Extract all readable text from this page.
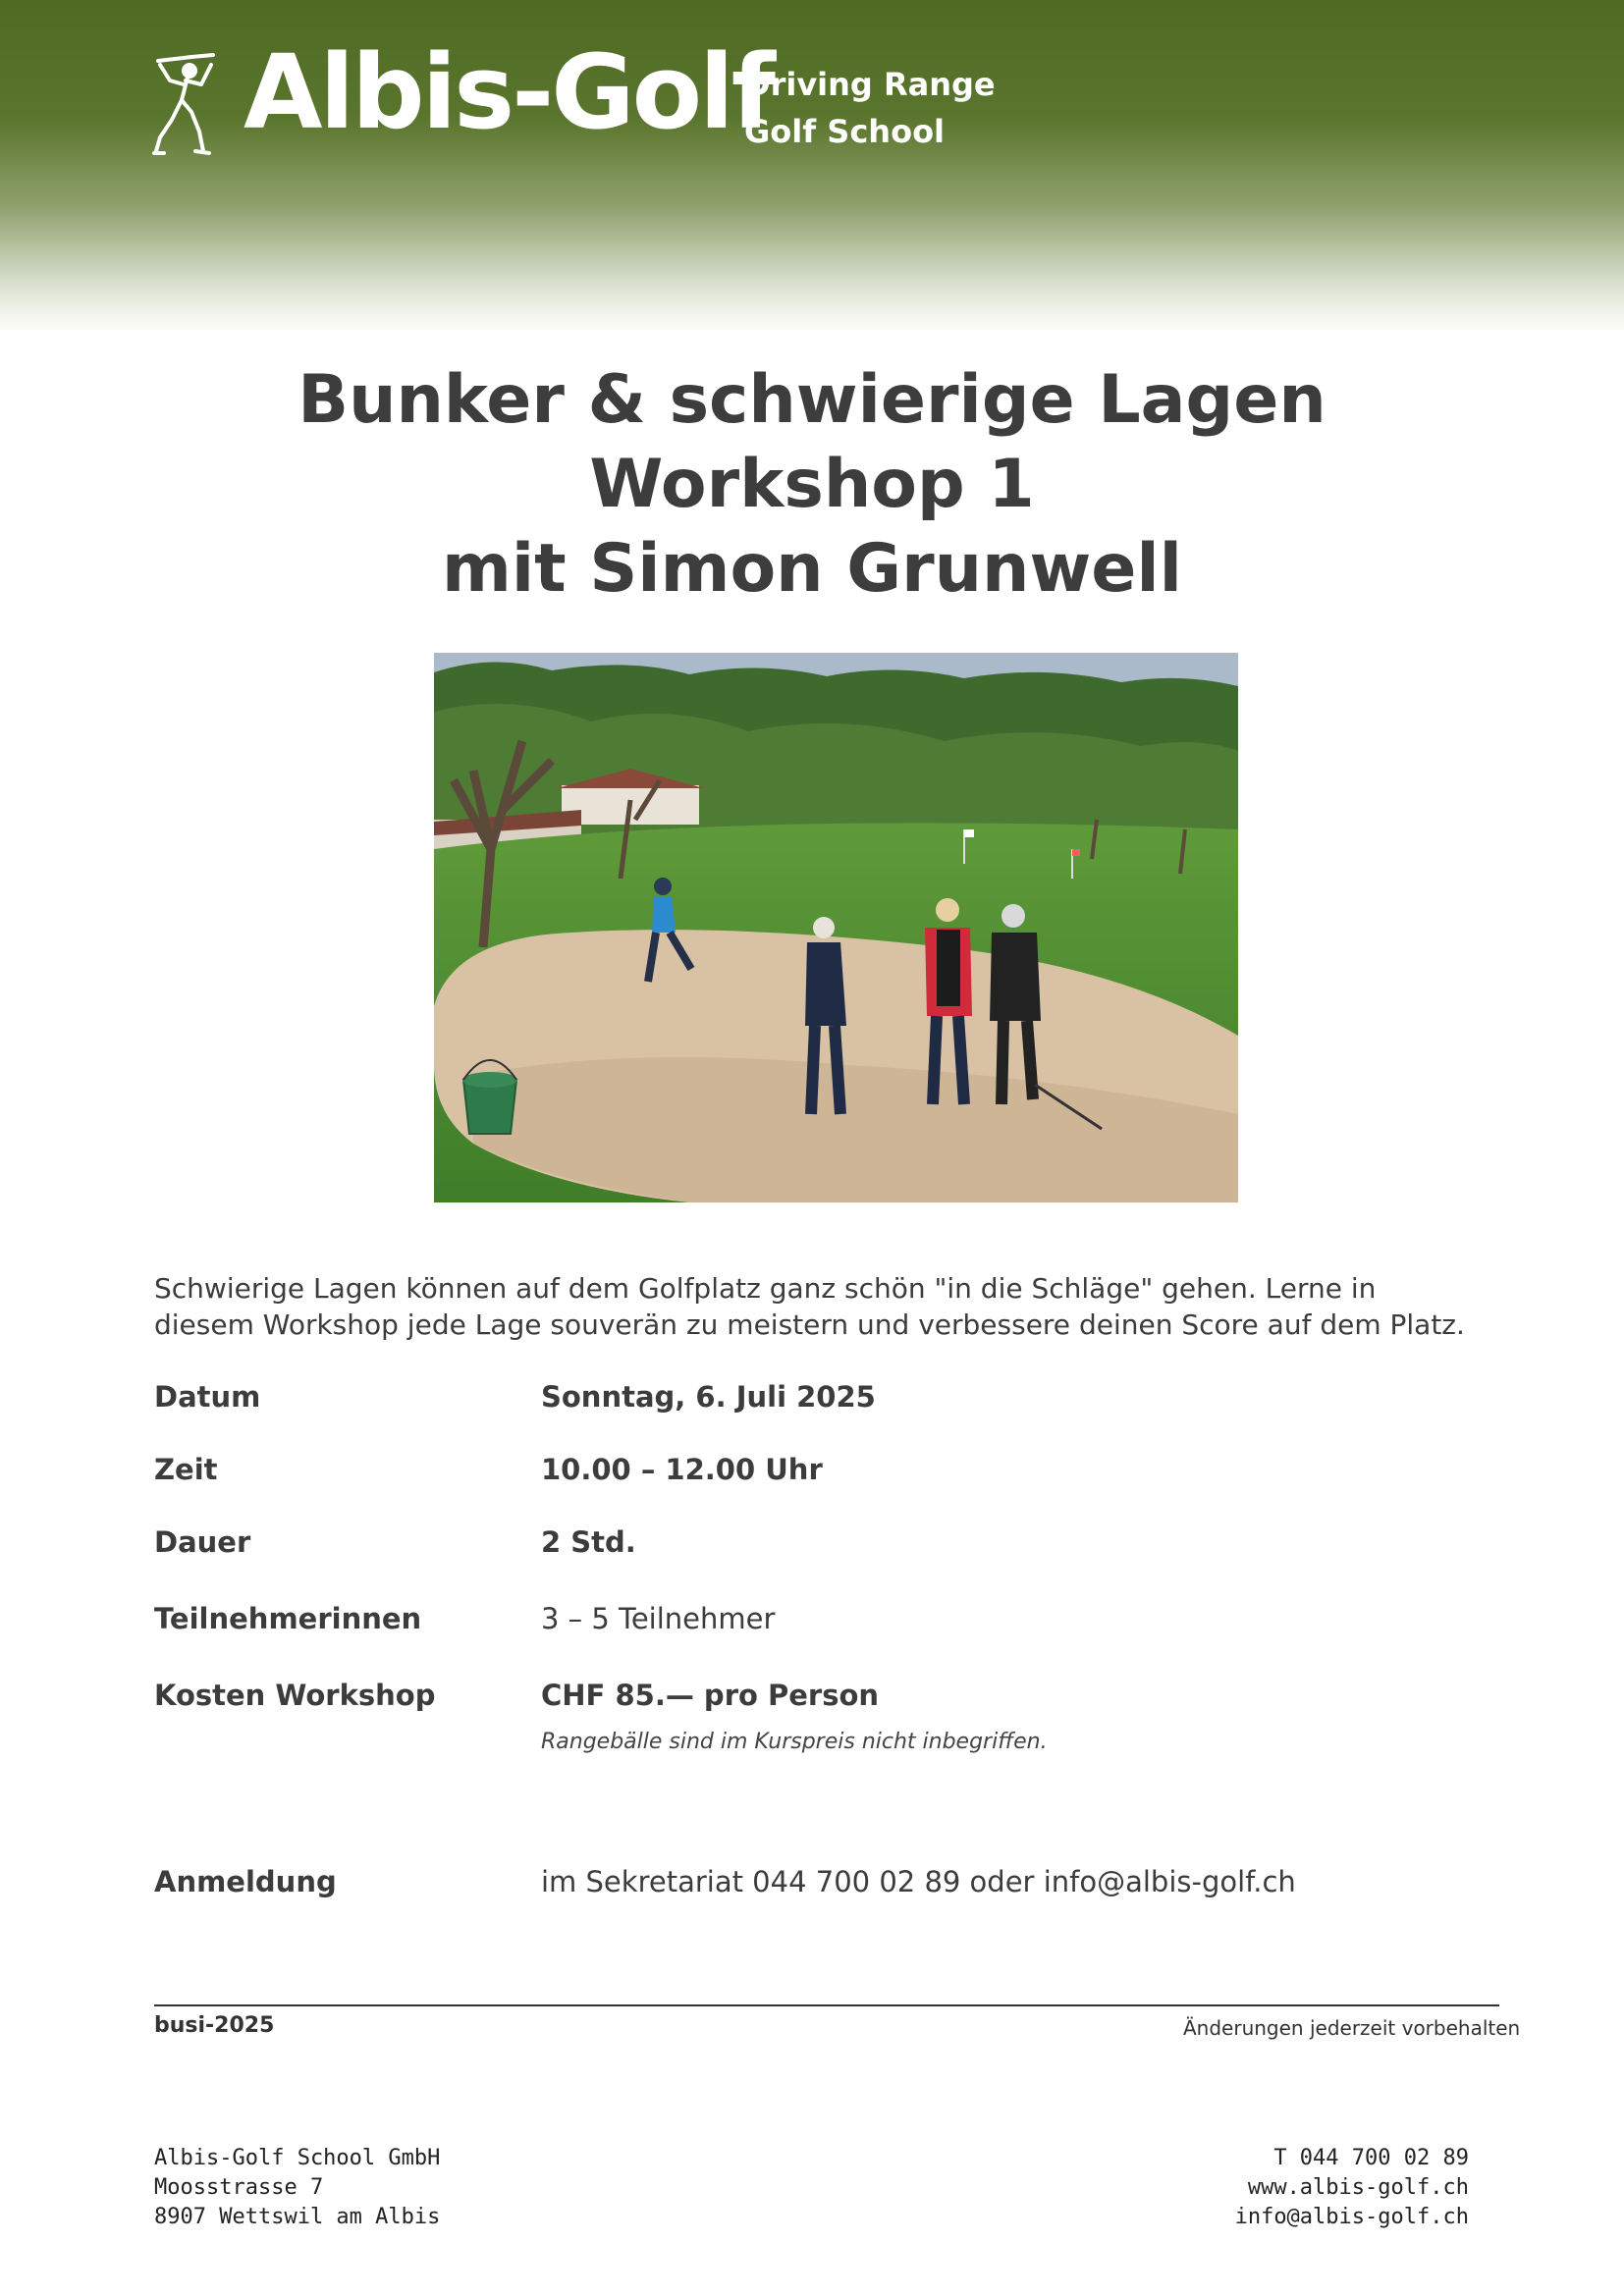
Albis-Golf
Driving Range
Golf School
Bunker & schwierige Lagen
Workshop 1
mit Simon Grunwell
Schwierige Lagen können auf dem Golfplatz ganz schön "in die Schläge" gehen. Lerne in diesem Workshop jede Lage souverän zu meistern und verbessere deinen Score auf dem Platz.
Datum	Sonntag, 6. Juli 2025
Zeit	10.00 – 12.00 Uhr
Dauer	2 Std.
Teilnehmerinnen	3 – 5 Teilnehmer
Kosten Workshop	CHF 85.— pro Person
Rangebälle sind im Kurspreis nicht inbegriffen.
Anmeldung	im Sekretariat 044 700 02 89 oder info@albis-golf.ch
busi-2025	Änderungen jederzeit vorbehalten
Albis-Golf School GmbH
Moosstrasse 7
8907 Wettswil am Albis
T 044 700 02 89
www.albis-golf.ch
info@albis-golf.ch
